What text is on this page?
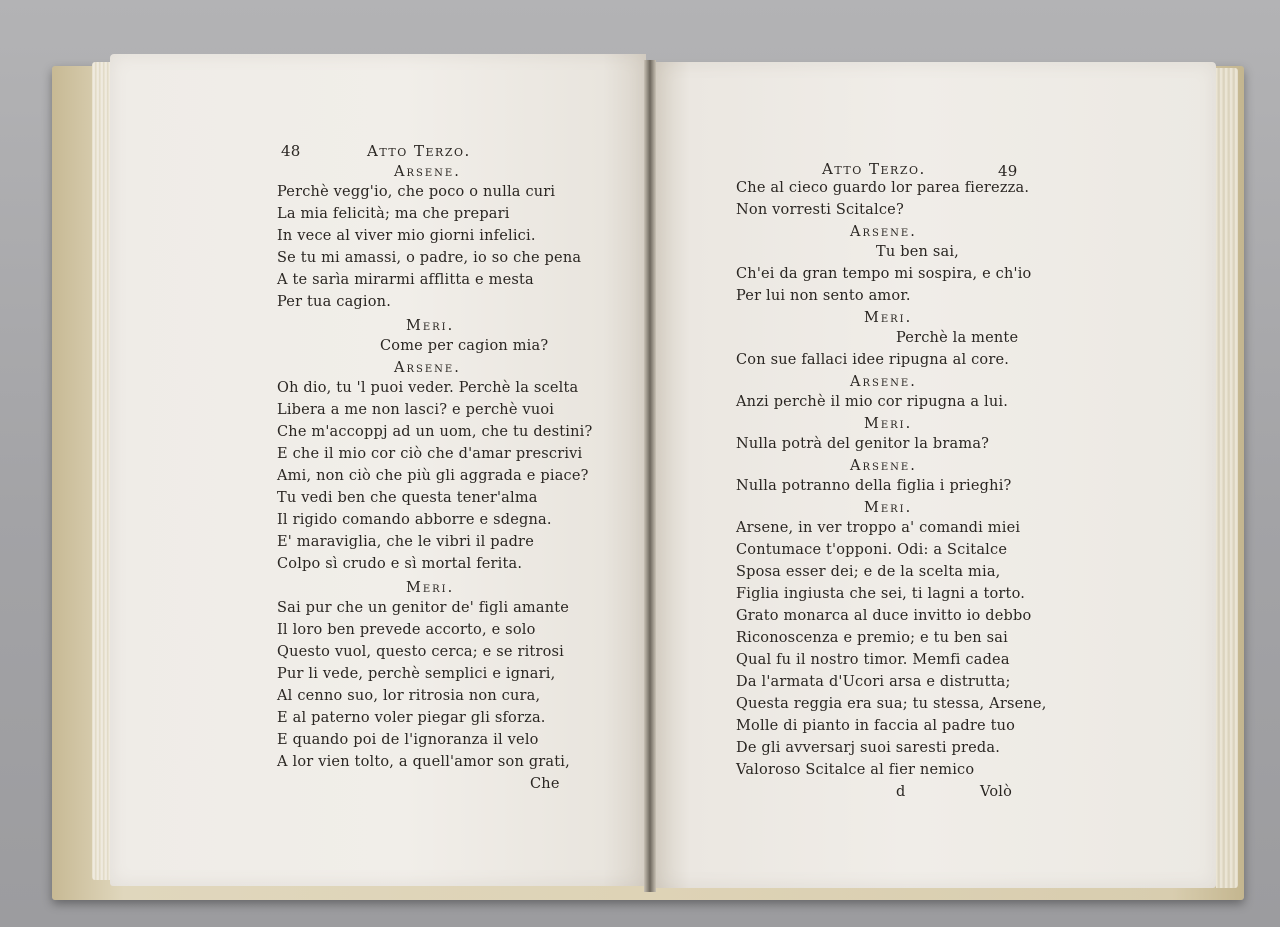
48	Atto Terzo.
Arsene.
Perchè vegg'io, che poco o nulla curi
La mia felicità; ma che prepari
In vece al viver mio giorni infelici.
Se tu mi amassi, o padre, io so che pena
A te sarìa mirarmi afflitta e mesta
Per tua cagion.
Meri.
Come per cagion mia?
Arsene.
Oh dio, tu 'l puoi veder. Perchè la scelta
Libera a me non lasci? e perchè vuoi
Che m'accoppj ad un uom, che tu destini?
E che il mio cor ciò che d'amar prescrivi
Ami, non ciò che più gli aggrada e piace?
Tu vedi ben che questa tener'alma
Il rigido comando abborre e sdegna.
E' maraviglia, che le vibri il padre
Colpo sì crudo e sì mortal ferita.
Meri.
Sai pur che un genitor de' figli amante
Il loro ben prevede accorto, e solo
Questo vuol, questo cerca; e se ritrosi
Pur li vede, perchè semplici e ignari,
Al cenno suo, lor ritrosia non cura,
E al paterno voler piegar gli sforza.
E quando poi de l'ignoranza il velo
A lor vien tolto, a quell'amor son grati,
Che
Atto Terzo.	49
Che al cieco guardo lor parea fierezza.
Non vorresti Scitalce?
Arsene.
Tu ben sai,
Ch'ei da gran tempo mi sospira, e ch'io
Per lui non sento amor.
Meri.
Perchè la mente
Con sue fallaci idee ripugna al core.
Arsene.
Anzi perchè il mio cor ripugna a lui.
Meri.
Nulla potrà del genitor la brama?
Arsene.
Nulla potranno della figlia i prieghi?
Meri.
Arsene, in ver troppo a' comandi miei
Contumace t'opponi. Odi: a Scitalce
Sposa esser dei; e de la scelta mia,
Figlia ingiusta che sei, ti lagni a torto.
Grato monarca al duce invitto io debbo
Riconoscenza e premio; e tu ben sai
Qual fu il nostro timor. Memfi cadea
Da l'armata d'Ucori arsa e distrutta;
Questa reggia era sua; tu stessa, Arsene,
Molle di pianto in faccia al padre tuo
De gli avversarj suoi saresti preda.
Valoroso Scitalce al fier nemico
d	Volò
